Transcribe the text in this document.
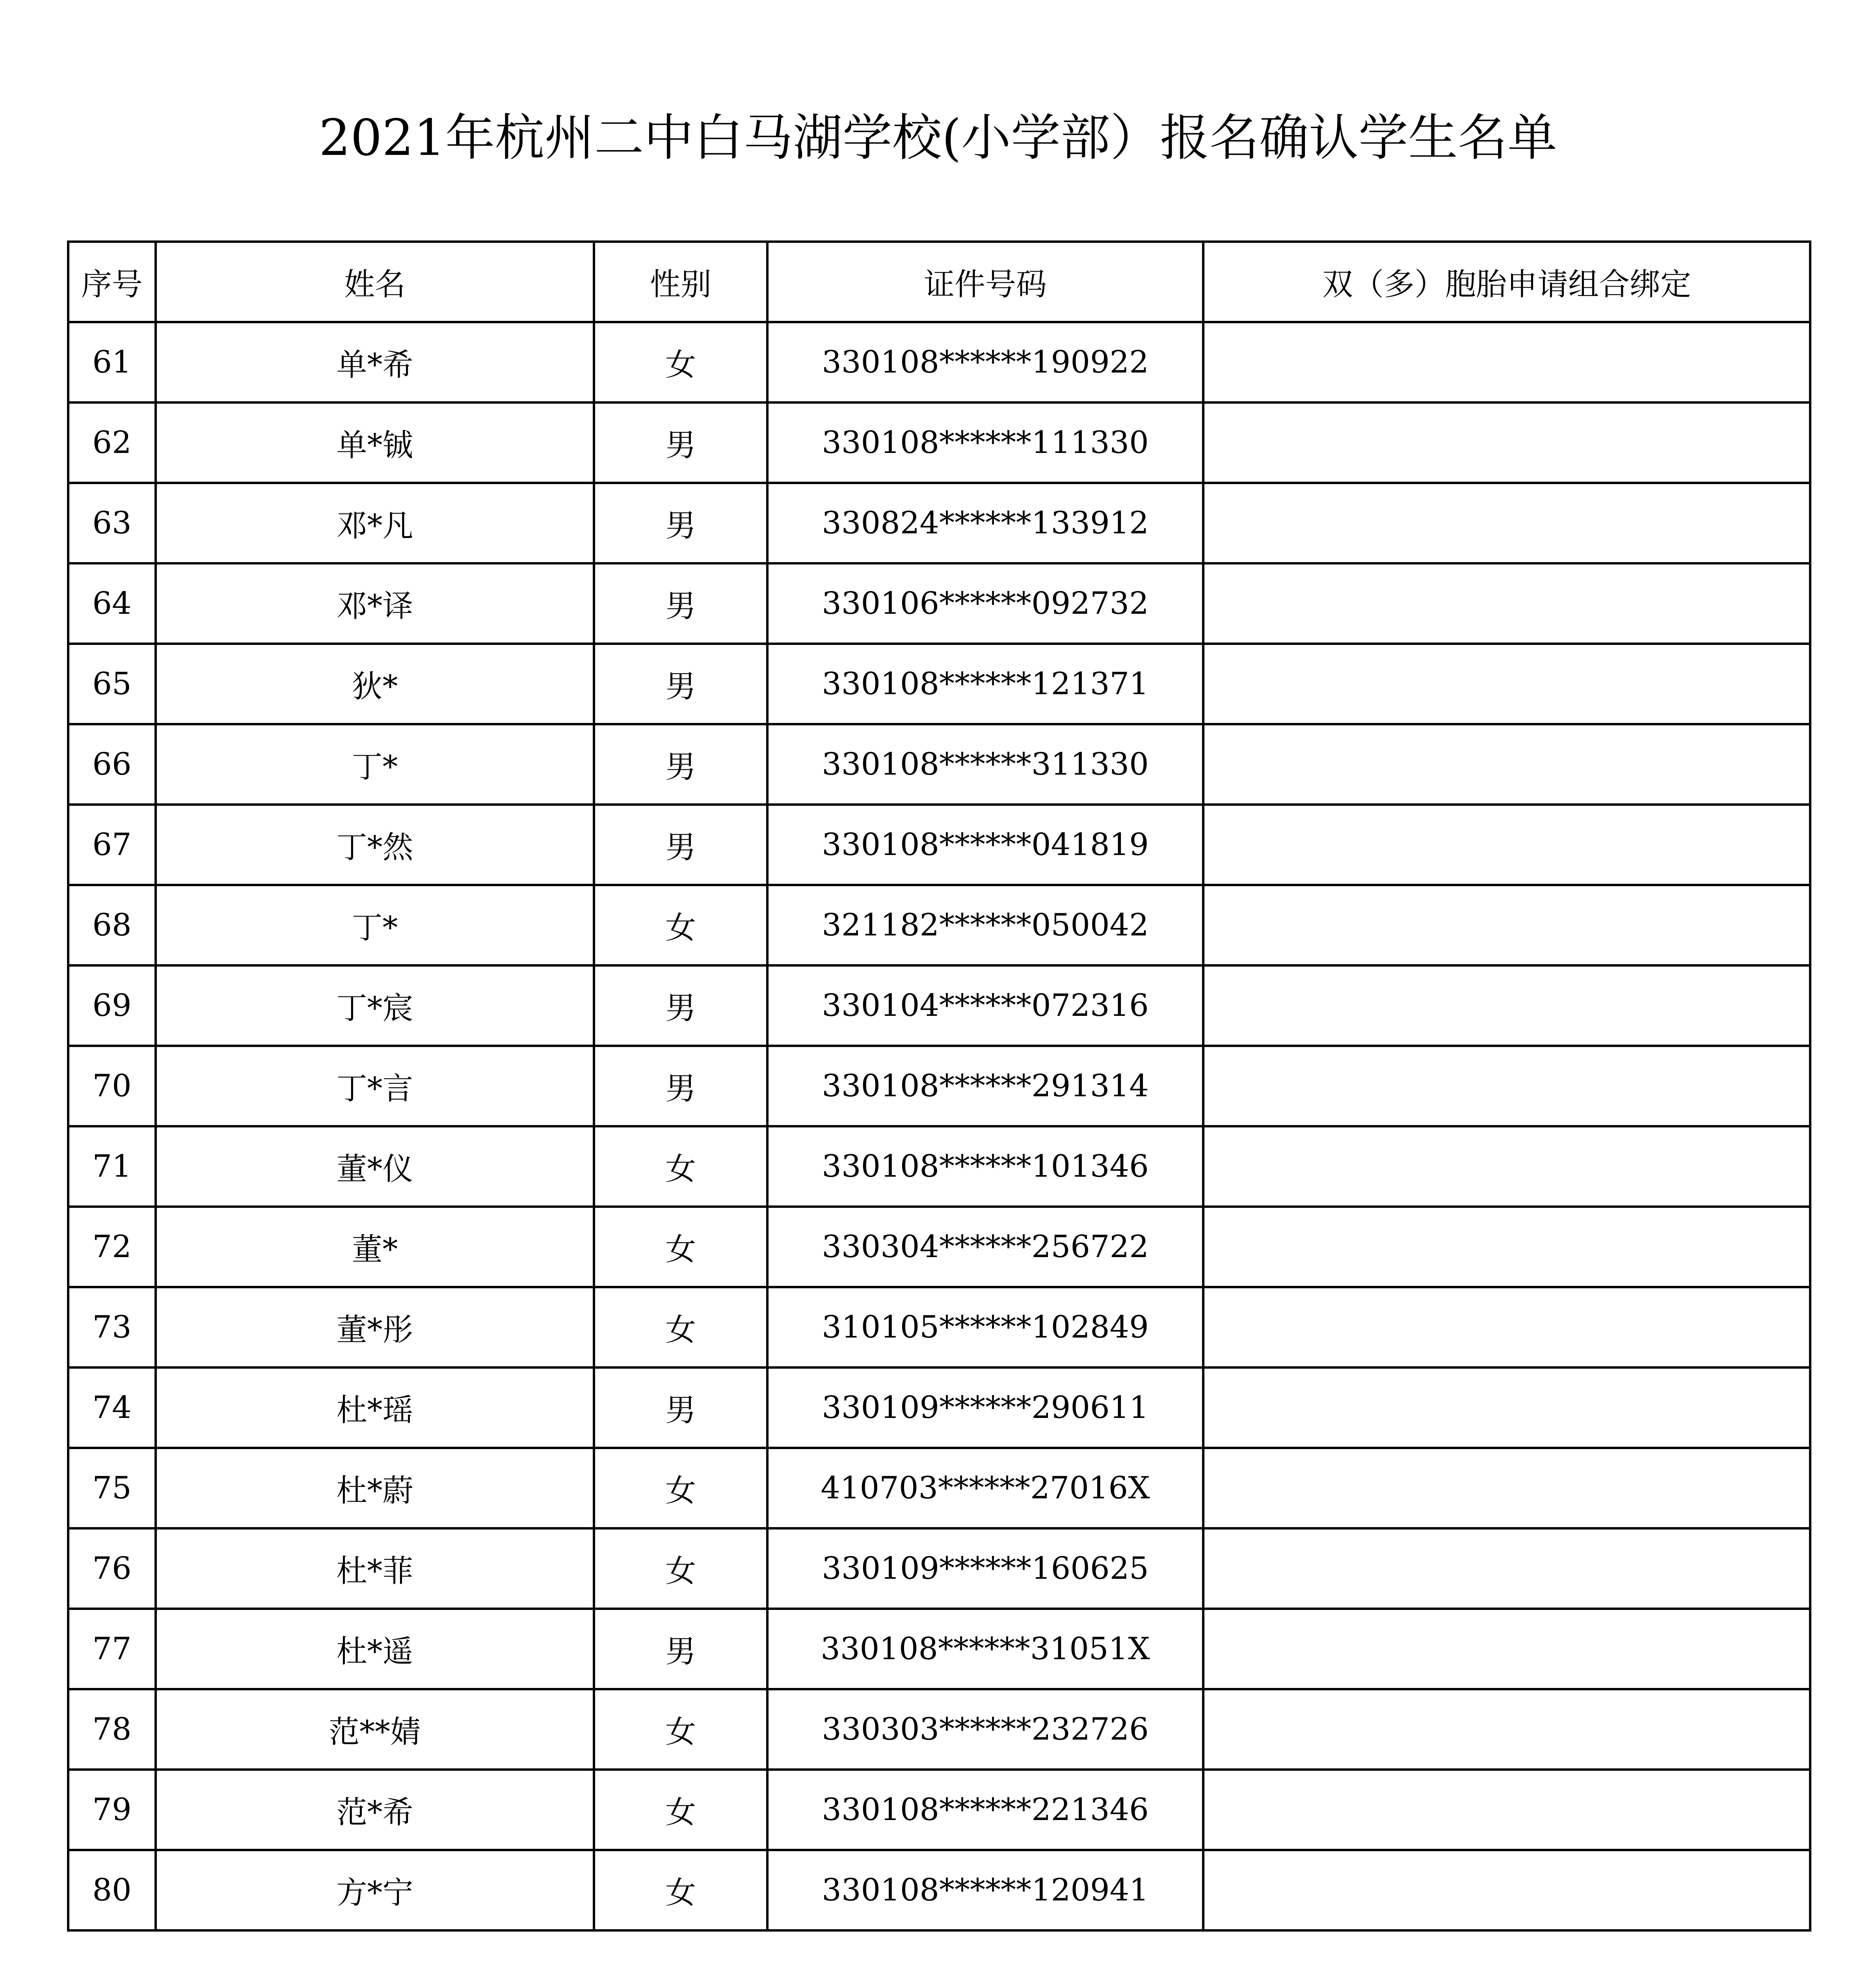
2021年杭州二中白马湖学校(小学部）报名确认学生名单
序号	姓名	性别	证件号码	双（多）胞胎申请组合绑定
61	单*希	女	330108******190922	
62	单*铖	男	330108******111330	
63	邓*凡	男	330824******133912	
64	邓*译	男	330106******092732	
65	狄*	男	330108******121371	
66	丁*	男	330108******311330	
67	丁*然	男	330108******041819	
68	丁*	女	321182******050042	
69	丁*宸	男	330104******072316	
70	丁*言	男	330108******291314	
71	董*仪	女	330108******101346	
72	董*	女	330304******256722	
73	董*彤	女	310105******102849	
74	杜*瑶	男	330109******290611	
75	杜*蔚	女	410703******27016X	
76	杜*菲	女	330109******160625	
77	杜*遥	男	330108******31051X	
78	范**婧	女	330303******232726	
79	范*希	女	330108******221346	
80	方*宁	女	330108******120941	
